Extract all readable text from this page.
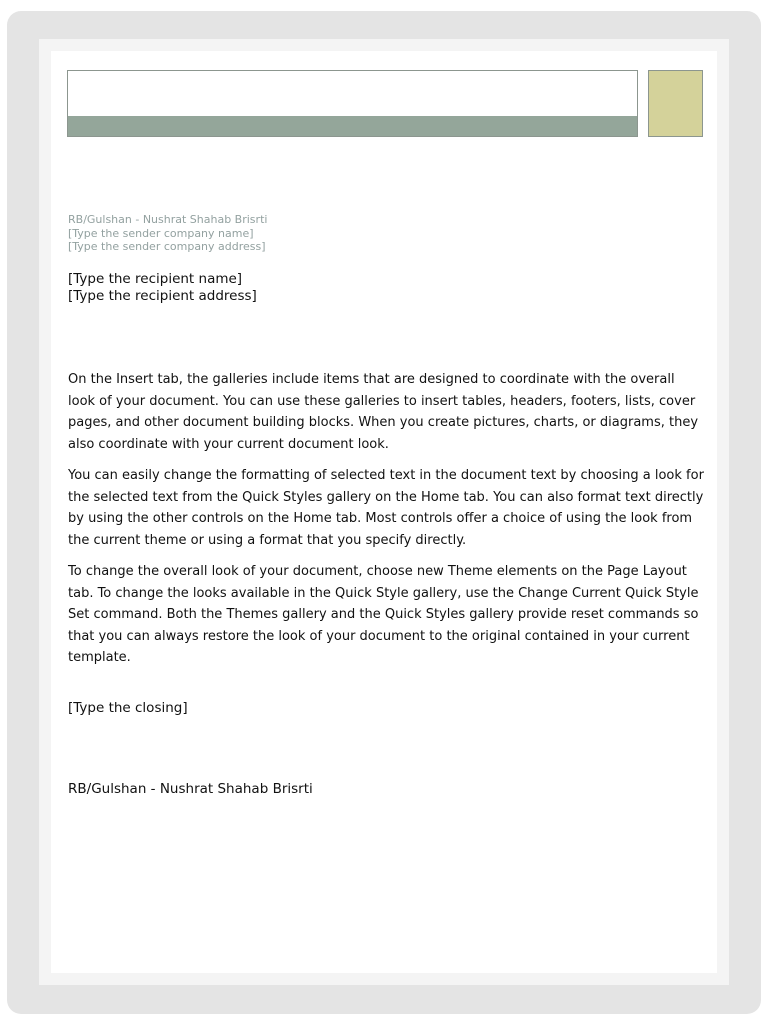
RB/Gulshan - Nushrat Shahab Brisrti
[Type the sender company name]
[Type the sender company address]
[Type the recipient name]
[Type the recipient address]

On the Insert tab, the galleries include items that are designed to coordinate with the overall look of your document. You can use these galleries to insert tables, headers, footers, lists, cover pages, and other document building blocks. When you create pictures, charts, or diagrams, they also coordinate with your current document look.

You can easily change the formatting of selected text in the document text by choosing a look for the selected text from the Quick Styles gallery on the Home tab. You can also format text directly by using the other controls on the Home tab. Most controls offer a choice of using the look from the current theme or using a format that you specify directly.

To change the overall look of your document, choose new Theme elements on the Page Layout tab. To change the looks available in the Quick Style gallery, use the Change Current Quick Style Set command. Both the Themes gallery and the Quick Styles gallery provide reset commands so that you can always restore the look of your document to the original contained in your current template.

[Type the closing]
RB/Gulshan - Nushrat Shahab Brisrti
